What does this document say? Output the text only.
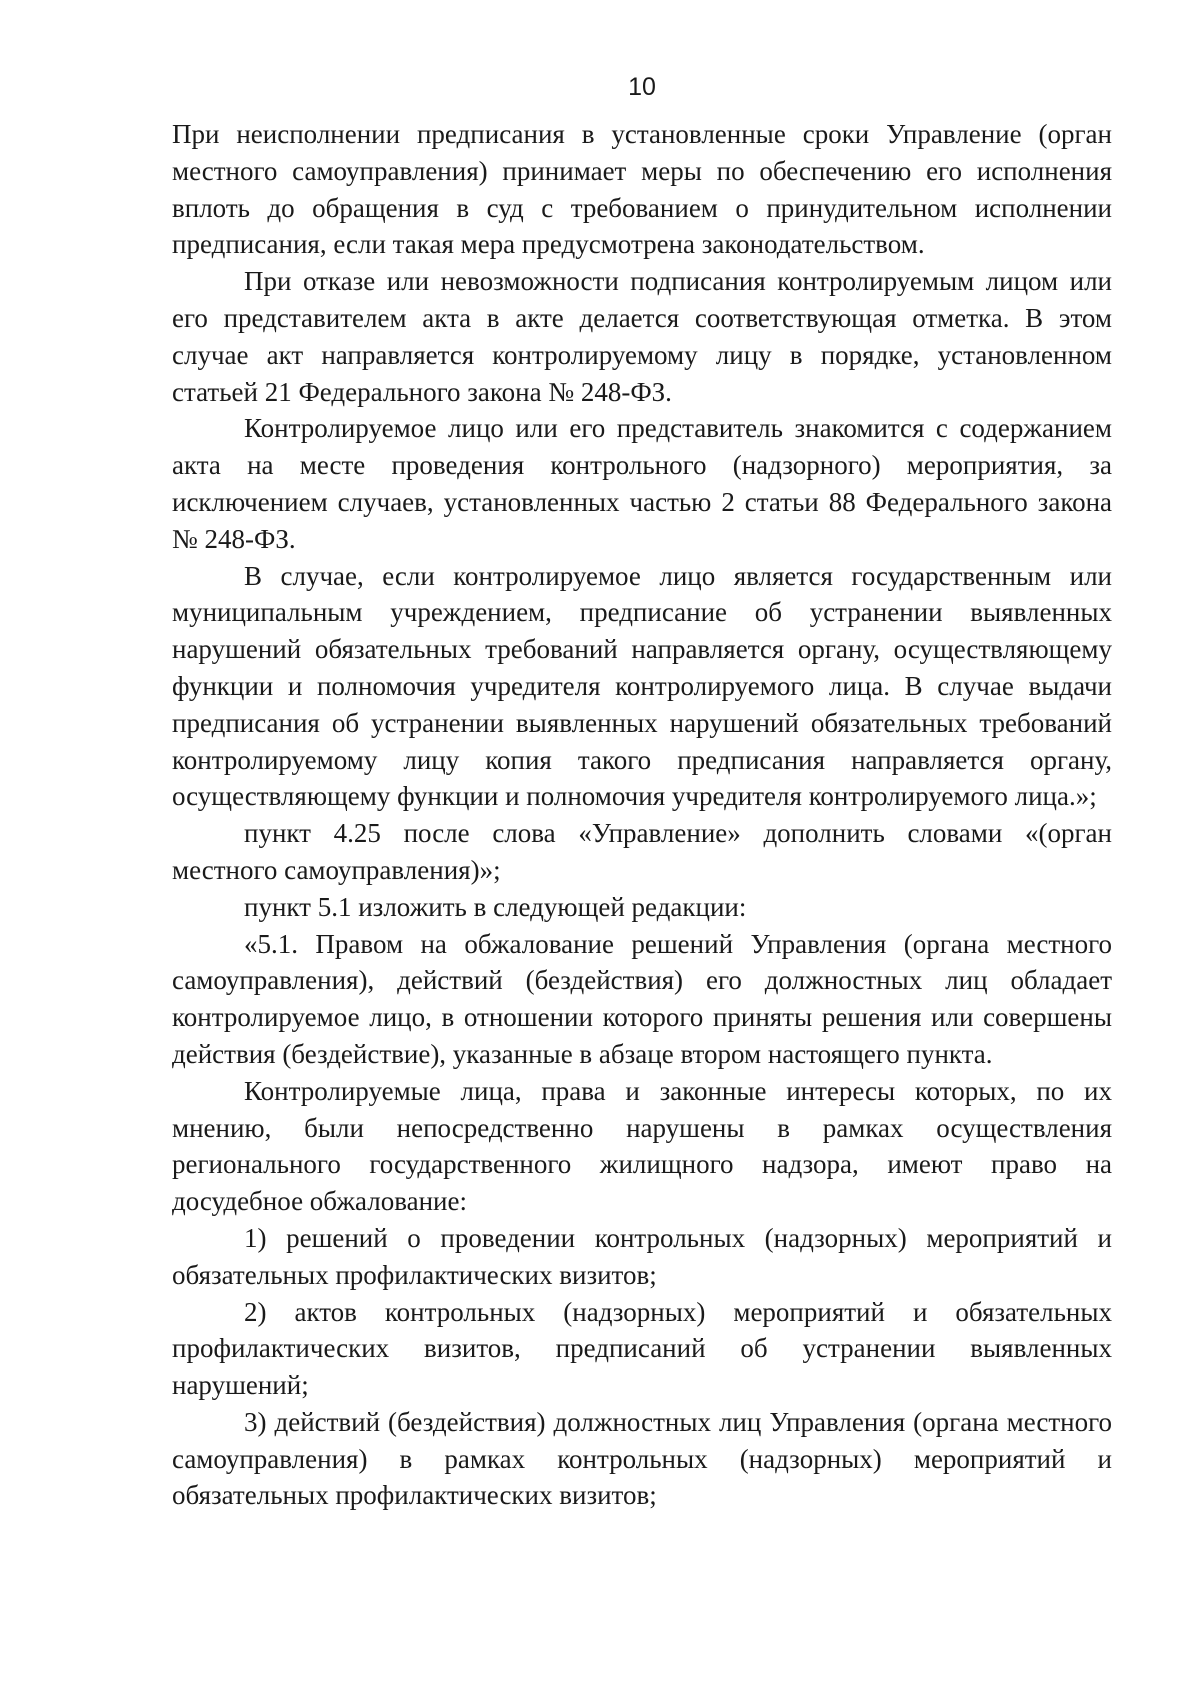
10

При неисполнении предписания в установленные сроки Управление (орган местного самоуправления) принимает меры по обеспечению его исполнения вплоть до обращения в суд с требованием о принудительном исполнении предписания, если такая мера предусмотрена законодательством.

При отказе или невозможности подписания контролируемым лицом или его представителем акта в акте делается соответствующая отметка. В этом случае акт направляется контролируемому лицу в порядке, установленном статьей 21 Федерального закона № 248-ФЗ.

Контролируемое лицо или его представитель знакомится с содержанием акта на месте проведения контрольного (надзорного) мероприятия, за исключением случаев, установленных частью 2 статьи 88 Федерального закона № 248-ФЗ.

В случае, если контролируемое лицо является государственным или муниципальным учреждением, предписание об устранении выявленных нарушений обязательных требований направляется органу, осуществляющему функции и полномочия учредителя контролируемого лица. В случае выдачи предписания об устранении выявленных нарушений обязательных требований контролируемому лицу копия такого предписания направляется органу, осуществляющему функции и полномочия учредителя контролируемого лица.»;

пункт 4.25 после слова «Управление» дополнить словами «(орган местного самоуправления)»;

пункт 5.1 изложить в следующей редакции:

«5.1. Правом на обжалование решений Управления (органа местного самоуправления), действий (бездействия) его должностных лиц обладает контролируемое лицо, в отношении которого приняты решения или совершены действия (бездействие), указанные в абзаце втором настоящего пункта.

Контролируемые лица, права и законные интересы которых, по их мнению, были непосредственно нарушены в рамках осуществления регионального государственного жилищного надзора, имеют право на досудебное обжалование:

1) решений о проведении контрольных (надзорных) мероприятий и обязательных профилактических визитов;

2) актов контрольных (надзорных) мероприятий и обязательных профилактических визитов, предписаний об устранении выявленных нарушений;

3) действий (бездействия) должностных лиц Управления (органа местного самоуправления) в рамках контрольных (надзорных) мероприятий и обязательных профилактических визитов;
